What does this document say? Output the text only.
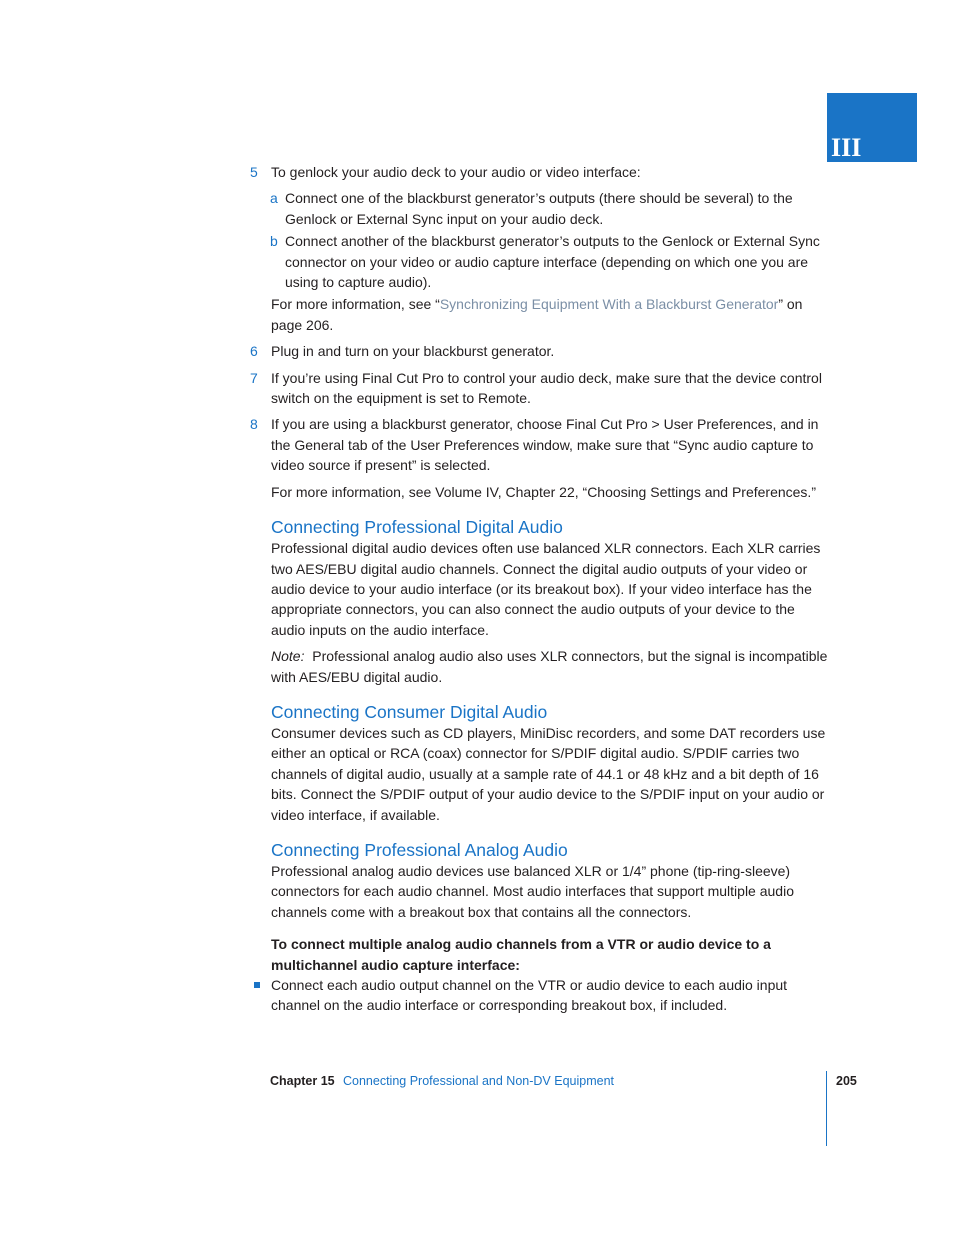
III
5 To genlock your audio deck to your audio or video interface:
a Connect one of the blackburst generator’s outputs (there should be several) to the Genlock or External Sync input on your audio deck.
b Connect another of the blackburst generator’s outputs to the Genlock or External Sync connector on your video or audio capture interface (depending on which one you are using to capture audio).
For more information, see “Synchronizing Equipment With a Blackburst Generator” on page 206.
6 Plug in and turn on your blackburst generator.
7 If you’re using Final Cut Pro to control your audio deck, make sure that the device control switch on the equipment is set to Remote.
8 If you are using a blackburst generator, choose Final Cut Pro > User Preferences, and in the General tab of the User Preferences window, make sure that “Sync audio capture to video source if present” is selected.
For more information, see Volume IV, Chapter 22, “Choosing Settings and Preferences.”
Connecting Professional Digital Audio
Professional digital audio devices often use balanced XLR connectors. Each XLR carries two AES/EBU digital audio channels. Connect the digital audio outputs of your video or audio device to your audio interface (or its breakout box). If your video interface has the appropriate connectors, you can also connect the audio outputs of your device to the audio inputs on the audio interface.
Note: Professional analog audio also uses XLR connectors, but the signal is incompatible with AES/EBU digital audio.
Connecting Consumer Digital Audio
Consumer devices such as CD players, MiniDisc recorders, and some DAT recorders use either an optical or RCA (coax) connector for S/PDIF digital audio. S/PDIF carries two channels of digital audio, usually at a sample rate of 44.1 or 48 kHz and a bit depth of 16 bits. Connect the S/PDIF output of your audio device to the S/PDIF input on your audio or video interface, if available.
Connecting Professional Analog Audio
Professional analog audio devices use balanced XLR or 1/4” phone (tip-ring-sleeve) connectors for each audio channel. Most audio interfaces that support multiple audio channels come with a breakout box that contains all the connectors.
To connect multiple analog audio channels from a VTR or audio device to a multichannel audio capture interface:
Connect each audio output channel on the VTR or audio device to each audio input channel on the audio interface or corresponding breakout box, if included.
Chapter 15 Connecting Professional and Non-DV Equipment	205
